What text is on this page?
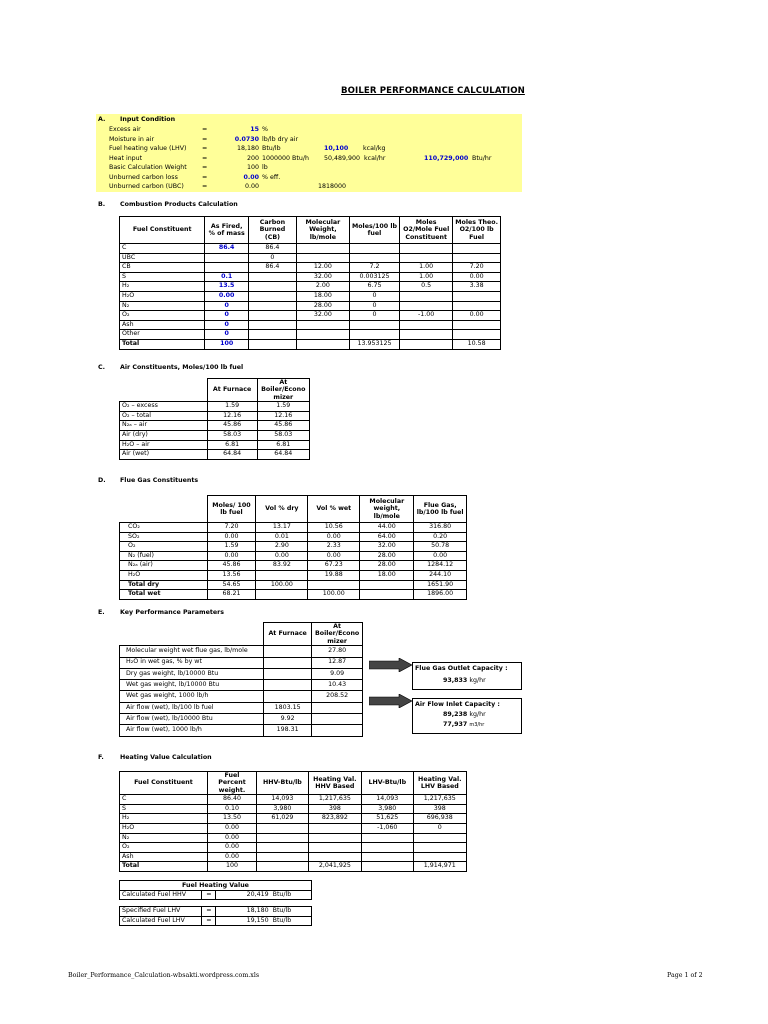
BOILER PERFORMANCE CALCULATION
A. Input Condition
Excess air	=	15 %
Moisture in air	=	0.0730 lb/lb dry air
Fuel heating value (LHV) =	18,180 Btu/lb	10,100 kcal/kg
Heat input	=	200 1000000 Btu/h 50,489,900 kcal/hr	110,729,000 Btu/hr
Basic Calculation Weight =	100 lb
Unburned carbon loss	=	0.00 % eff.
Unburned carbon (UBC)	=	0.00	1818000
B. Combustion Products Calculation
Fuel Constituent	As Fired, % of mass	Carbon Burned (CB)	Molecular Weight, lb/mole	Moles/100 lb fuel	Moles O2/Mole Fuel Constituent	Moles Theo. O2/100 lb Fuel
C	86.4	86.4				
UBC		0				
CB		86.4	12.00	7.2	1.00	7.20
S	0.1		32.00	0.003125	1.00	0.00
H₂	13.5		2.00	6.75	0.5	3.38
H₂O	0.00		18.00	0		
N₂	0		28.00	0		
O₂	0		32.00	0	-1.00	0.00
Ash	0					
Other	0					
Total	100			13.953125		10.58
C. Air Constituents, Moles/100 lb fuel
	At Furnace	At Boiler/Econo mizer
O₂ – excess	1.59	1.59
O₂ – total	12.16	12.16
N₂ₐ – air	45.86	45.86
Air (dry)	58.03	58.03
H₂O – air	6.81	6.81
Air (wet)	64.84	64.84
D. Flue Gas Constituents
	Moles/ 100 lb fuel	Vol % dry	Vol % wet	Molecular weight, lb/mole	Flue Gas, lb/100 lb fuel
CO₂	7.20	13.17	10.56	44.00	316.80
SO₂	0.00	0.01	0.00	64.00	0.20
O₂	1.59	2.90	2.33	32.00	50.78
N₂ (fuel)	0.00	0.00	0.00	28.00	0.00
N₂ₐ (air)	45.86	83.92	67.23	28.00	1284.12
H₂O	13.56		19.88	18.00	244.10
Total dry	54.65	100.00			1651.90
Total wet	68.21		100.00		1896.00
E. Key Performance Parameters
	At Furnace	At Boiler/Econo mizer
Molecular weight wet flue gas, lb/mole		27.80
H₂O in wet gas, % by wt		12.87
Dry gas weight, lb/10000 Btu		9.09
Wet gas weight, lb/10000 Btu		10.43
Wet gas weight, 1000 lb/h		208.52
Air flow (wet), lb/100 lb fuel	1803.15	
Air flow (wet), lb/10000 Btu	9.92	
Air flow (wet), 1000 lb/h	198.31	
Flue Gas Outlet Capacity :
93,833 kg/hr
Air Flow Inlet Capacity :
89,238 kg/hr
77,937 m3/hr
F.	Heating Value Calculation
Fuel Constituent	Fuel Percent weight.	HHV-Btu/lb	Heating Val. HHV Based	LHV-Btu/lb	Heating Val. LHV Based
C	86.40	14,093	1,217,635	14,093	1,217,635
S	0.10	3,980	398	3,980	398
H₂	13.50	61,029	823,892	51,625	696,938
H₂O	0.00			-1,060	0
N₂	0.00				
O₂	0.00				
Ash	0.00				
Total	100		2,041,925		1,914,971
Fuel Heating Value			
Calculated Fuel HHV	=	20,419	Btu/lb

Specified Fuel LHV	=	18,180	Btu/lb
Calculated Fuel LHV	=	19,150	Btu/lb
Boiler_Performance_Calculation-wbsakti.wordpress.com.xls	Page 1 of 2
